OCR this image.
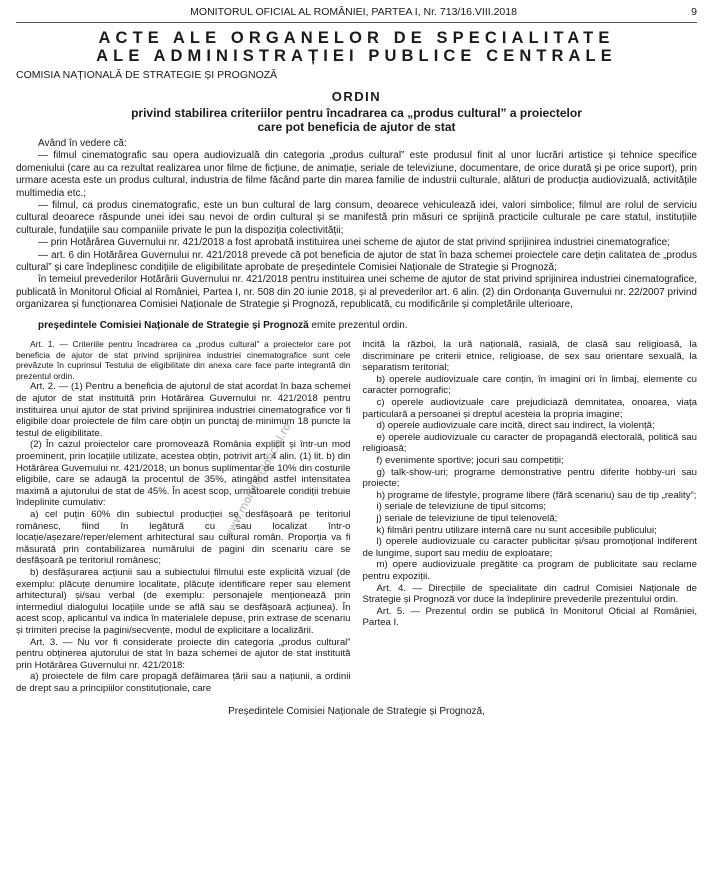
MONITORUL OFICIAL AL ROMÂNIEI, PARTEA I, Nr. 713/16.VIII.2018	9
ACTE ALE ORGANELOR DE SPECIALITATE
ALE ADMINISTRAȚIEI PUBLICE CENTRALE
COMISIA NAȚIONALĂ DE STRATEGIE ȘI PROGNOZĂ
ORDIN
privind stabilirea criteriilor pentru încadrarea ca „produs cultural” a proiectelor
care pot beneficia de ajutor de stat

Având în vedere că:

— filmul cinematografic sau opera audiovizuală din categoria „produs cultural” este produsul finit al unor lucrări artistice și tehnice specifice domeniului (care au ca rezultat realizarea unor filme de ficțiune, de animație, seriale de televiziune, documentare, de orice durată și pe orice suport), prin urmare acesta este un produs cultural, industria de filme făcând parte din marea familie de industrii culturale, alături de producția audiovizuală, activitățile multimedia etc.;

— filmul, ca produs cinematografic, este un bun cultural de larg consum, deoarece vehiculează idei, valori simbolice; filmul are rolul de serviciu cultural deoarece răspunde unei idei sau nevoi de ordin cultural și se manifestă prin măsuri ce sprijină practicile culturale pe care statul, instituțiile culturale, fundațiile sau companiile private le pun la dispoziția colectivității;

— prin Hotărârea Guvernului nr. 421/2018 a fost aprobată instituirea unei scheme de ajutor de stat privind sprijinirea industriei cinematografice;

— art. 6 din Hotărârea Guvernului nr. 421/2018 prevede că pot beneficia de ajutor de stat în baza schemei proiectele care dețin calitatea de „produs cultural” și care îndeplinesc condițiile de eligibilitate aprobate de președintele Comisiei Naționale de Strategie și Prognoză;

în temeiul prevederilor Hotărârii Guvernului nr. 421/2018 pentru instituirea unei scheme de ajutor de stat privind sprijinirea industriei cinematografice, publicată în Monitorul Oficial al României, Partea I, nr. 508 din 20 iunie 2018, și al prevederilor art. 6 alin. (2) din Ordonanța Guvernului nr. 22/2007 privind organizarea și funcționarea Comisiei Naționale de Strategie și Prognoză, republicată, cu modificările și completările ulterioare,

președintele Comisiei Naționale de Strategie și Prognoză emite prezentul ordin.

Art. 1. — Criteriile pentru încadrarea ca „produs cultural” a proiectelor care pot beneficia de ajutor de stat privind sprijinirea industriei cinematografice sunt cele prevăzute în cuprinsul Testului de eligibilitate din anexa care face parte integrantă din prezentul ordin.

Art. 2. — (1) Pentru a beneficia de ajutorul de stat acordat în baza schemei de ajutor de stat instituită prin Hotărârea Guvernului nr. 421/2018 pentru instituirea unui ajutor de stat privind sprijinirea industriei cinematografice vor fi eligibile doar proiectele de film care obțin un punctaj de minimum 18 puncte la testul de eligibilitate.

(2) În cazul proiectelor care promovează România explicit și într-un mod proeminent, prin locațiile utilizate, acestea obțin, potrivit art. 4 alin. (1) lit. b) din Hotărârea Guvernului nr. 421/2018, un bonus suplimentar de 10% din costurile eligibile, care se adaugă la procentul de 35%, atingând astfel intensitatea maximă a ajutorului de stat de 45%. În acest scop, următoarele condiții trebuie îndeplinite cumulativ:

a) cel puțin 60% din subiectul producției se desfășoară pe teritoriul românesc, fiind în legătură cu sau localizat într-o locație/așezare/reper/element arhitectural sau cultural român. Proporția va fi măsurată prin contabilizarea numărului de pagini din scenariu care se desfășoară pe teritoriul românesc;

b) desfășurarea acțiunii sau a subiectului filmului este explicită vizual (de exemplu: plăcuțe denumire localitate, plăcuțe identificare reper sau element arhitectural) și/sau verbal (de exemplu: personajele menționează prin intermediul dialogului locațiile unde se află sau se desfășoară acțiunea). În acest scop, aplicantul va indica în materialele depuse, prin extrase de scenariu și trimiteri precise la pagini/secvențe, modul de explicitare a localizării.

Art. 3. — Nu vor fi considerate proiecte din categoria „produs cultural” pentru obținerea ajutorului de stat în baza schemei de ajutor de stat instituită prin Hotărârea Guvernului nr. 421/2018:

a) proiectele de film care propagă defăimarea țării sau a națiunii, a ordinii de drept sau a principiilor constituționale, care

incită la război, la ură națională, rasială, de clasă sau religioasă, la discriminare pe criterii etnice, religioase, de sex sau orientare sexuală, la separatism teritorial;

b) operele audiovizuale care conțin, în imagini ori în limbaj, elemente cu caracter pornografic;

c) operele audiovizuale care prejudiciază demnitatea, onoarea, viața particulară a persoanei și dreptul acesteia la propria imagine;

d) operele audiovizuale care incită, direct sau indirect, la violență;

e) operele audiovizuale cu caracter de propagandă electorală, politică sau religioasă;

f) evenimente sportive; jocuri sau competiții;

g) talk-show-uri; programe demonstrative pentru diferite hobby-uri sau proiecte;

h) programe de lifestyle, programe libere (fără scenariu) sau de tip „reality”;

i) seriale de televiziune de tipul sitcoms;

j) seriale de televiziune de tipul telenovelă;

k) filmări pentru utilizare internă care nu sunt accesibile publicului;

l) operele audiovizuale cu caracter publicitar și/sau promoțional indiferent de lungime, suport sau mediu de exploatare;

m) opere audiovizuale pregătite ca program de publicitate sau reclame pentru expoziții.

Art. 4. — Direcțiile de specialitate din cadrul Comisiei Naționale de Strategie și Prognoză vor duce la îndeplinire prevederile prezentului ordin.

Art. 5. — Prezentul ordin se publică în Monitorul Oficial al României, Partea I.

Președintele Comisiei Naționale de Strategie și Prognoză,
www.monitoruloficial.ro
